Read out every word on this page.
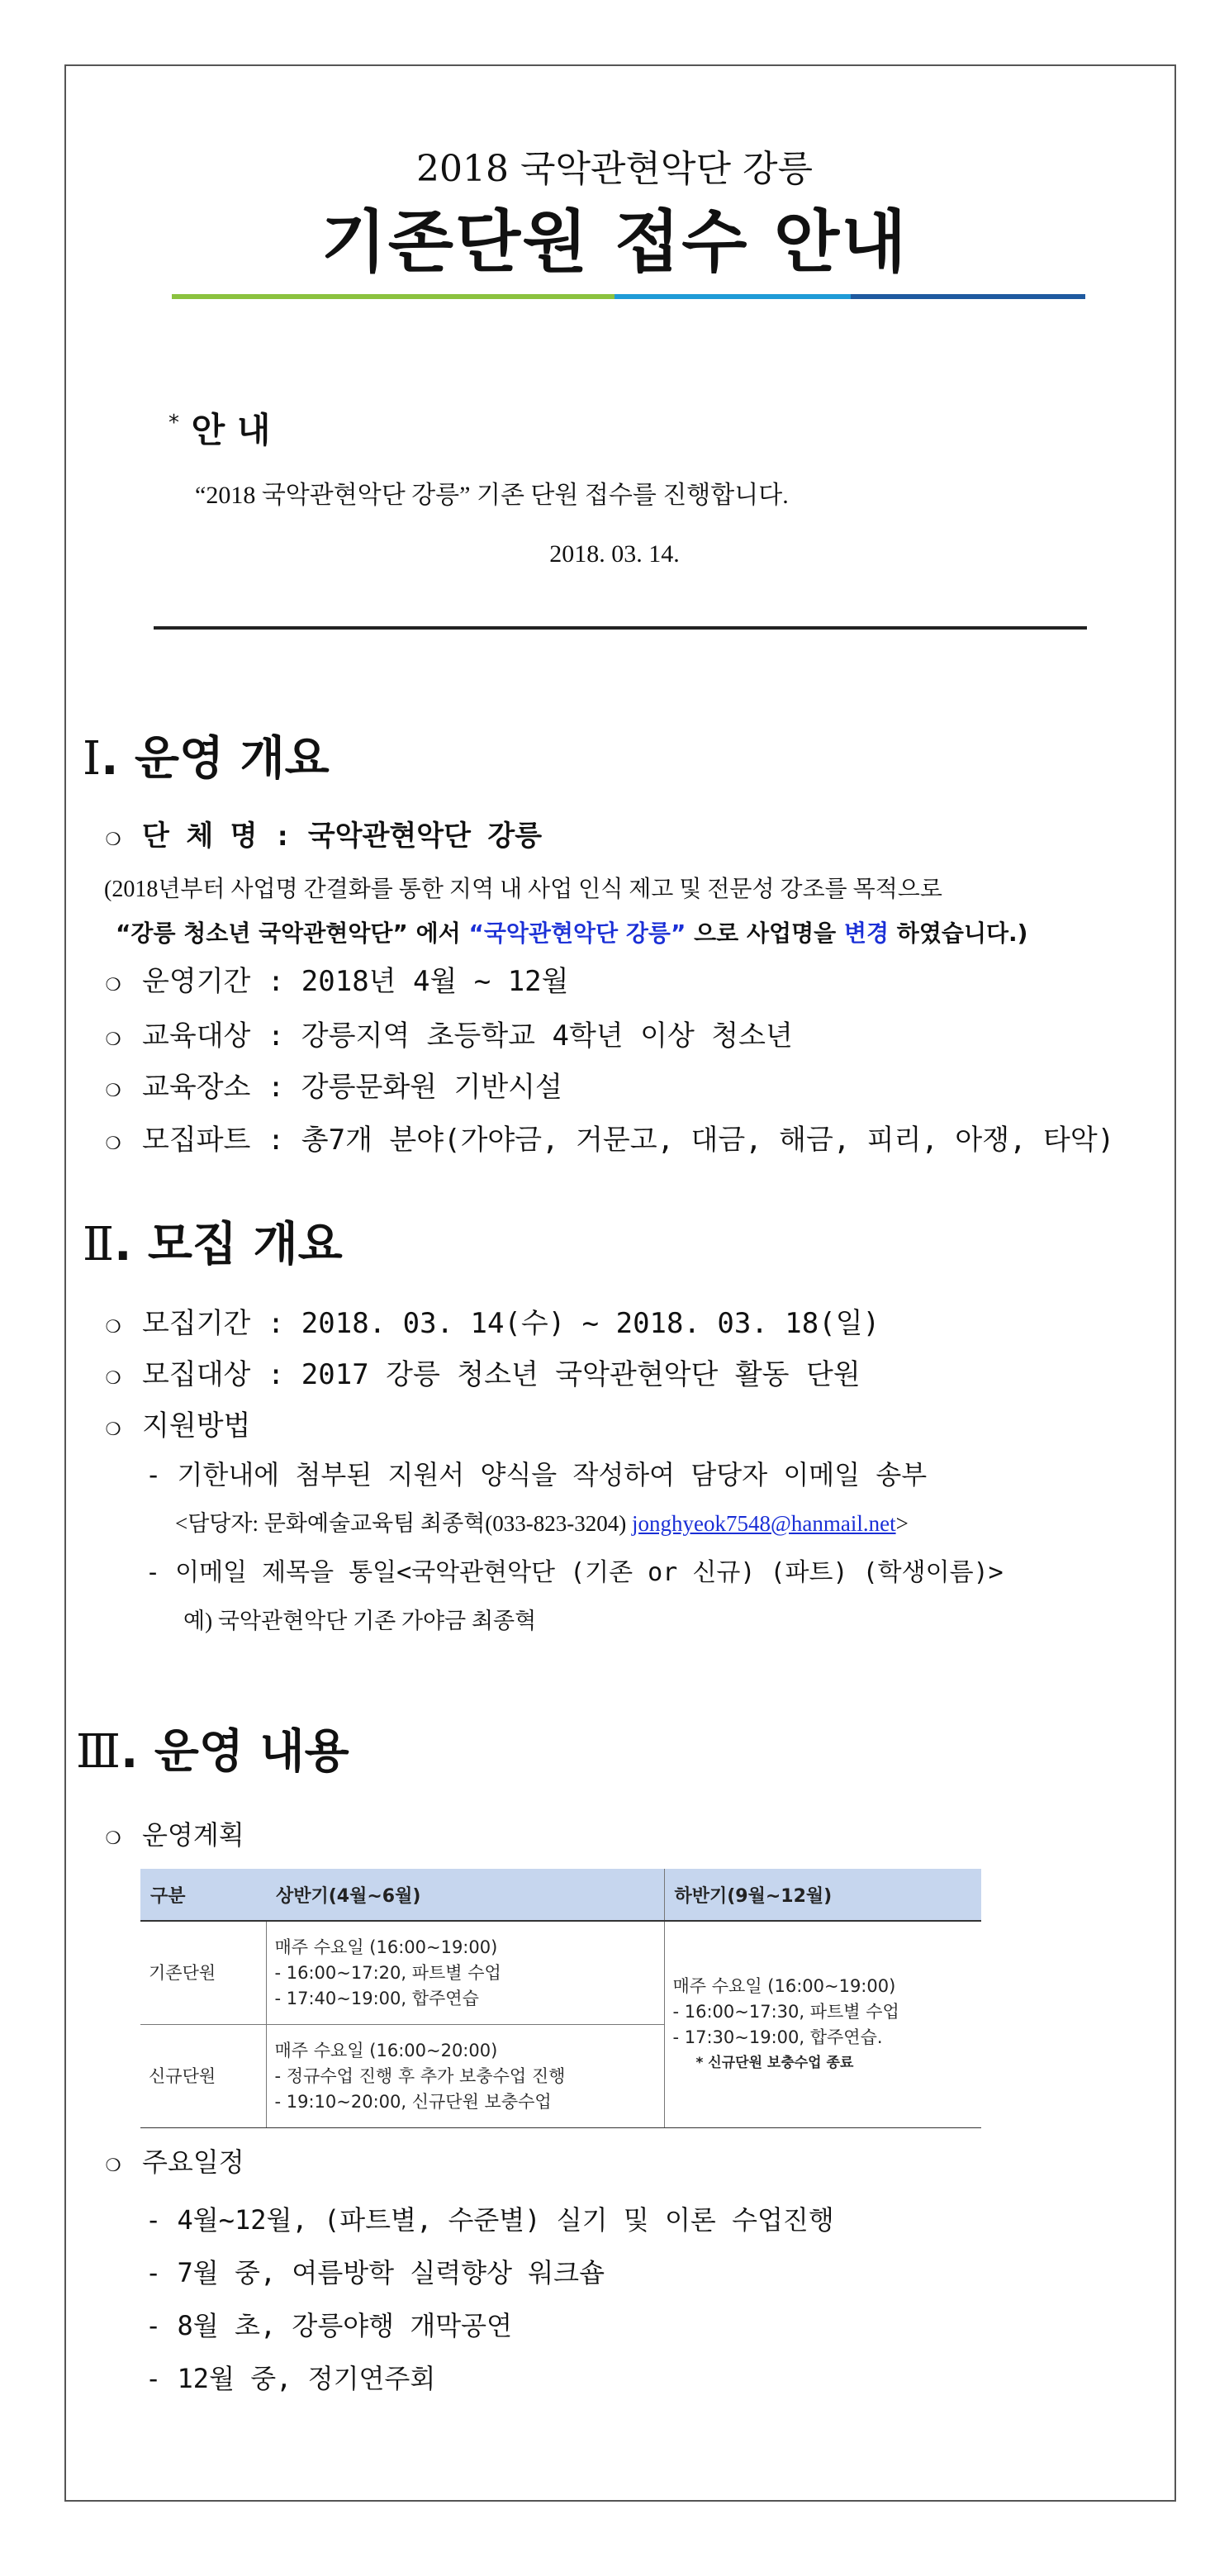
2018 국악관현악단 강릉
기존단원 접수 안내
* 안 내
“2018 국악관현악단 강릉” 기존 단원 접수를 진행합니다.
2018. 03. 14.
Ⅰ. 운영 개요
❍ 단 체 명 : 국악관현악단 강릉
(2018년부터 사업명 간결화를 통한 지역 내 사업 인식 제고 및 전문성 강조를 목적으로
“강릉 청소년 국악관현악단” 에서 “국악관현악단 강릉” 으로 사업명을 변경 하였습니다.)
❍ 운영기간 : 2018년 4월 ~ 12월
❍ 교육대상 : 강릉지역 초등학교 4학년 이상 청소년
❍ 교육장소 : 강릉문화원 기반시설
❍ 모집파트 : 총7개 분야(가야금, 거문고, 대금, 해금, 피리, 아쟁, 타악)
Ⅱ. 모집 개요
❍ 모집기간 : 2018. 03. 14(수) ~ 2018. 03. 18(일)
❍ 모집대상 : 2017 강릉 청소년 국악관현악단 활동 단원
❍ 지원방법
- 기한내에 첨부된 지원서 양식을 작성하여 담당자 이메일 송부
<담당자: 문화예술교육팀 최종혁(033-823-3204) jonghyeok7548@hanmail.net>
- 이메일 제목을 통일<국악관현악단 (기존 or 신규) (파트) (학생이름)>
예) 국악관현악단 기존 가야금 최종혁
Ⅲ. 운영 내용
❍ 운영계획
구분	상반기(4월~6월)	하반기(9월~12월)
기존단원	매주 수요일 (16:00~19:00)
- 16:00~17:20, 파트별 수업
- 17:40~19:00, 합주연습	매주 수요일 (16:00~19:00)
- 16:00~17:30, 파트별 수업
- 17:30~19:00, 합주연습.
* 신규단원 보충수업 종료

신규단원	매주 수요일 (16:00~20:00)
- 정규수업 진행 후 추가 보충수업 진행
- 19:10~20:00, 신규단원 보충수업	
❍ 주요일정
- 4월~12월, (파트별, 수준별) 실기 및 이론 수업진행
- 7월 중, 여름방학 실력향상 워크숍
- 8월 초, 강릉야행 개막공연
- 12월 중, 정기연주회
